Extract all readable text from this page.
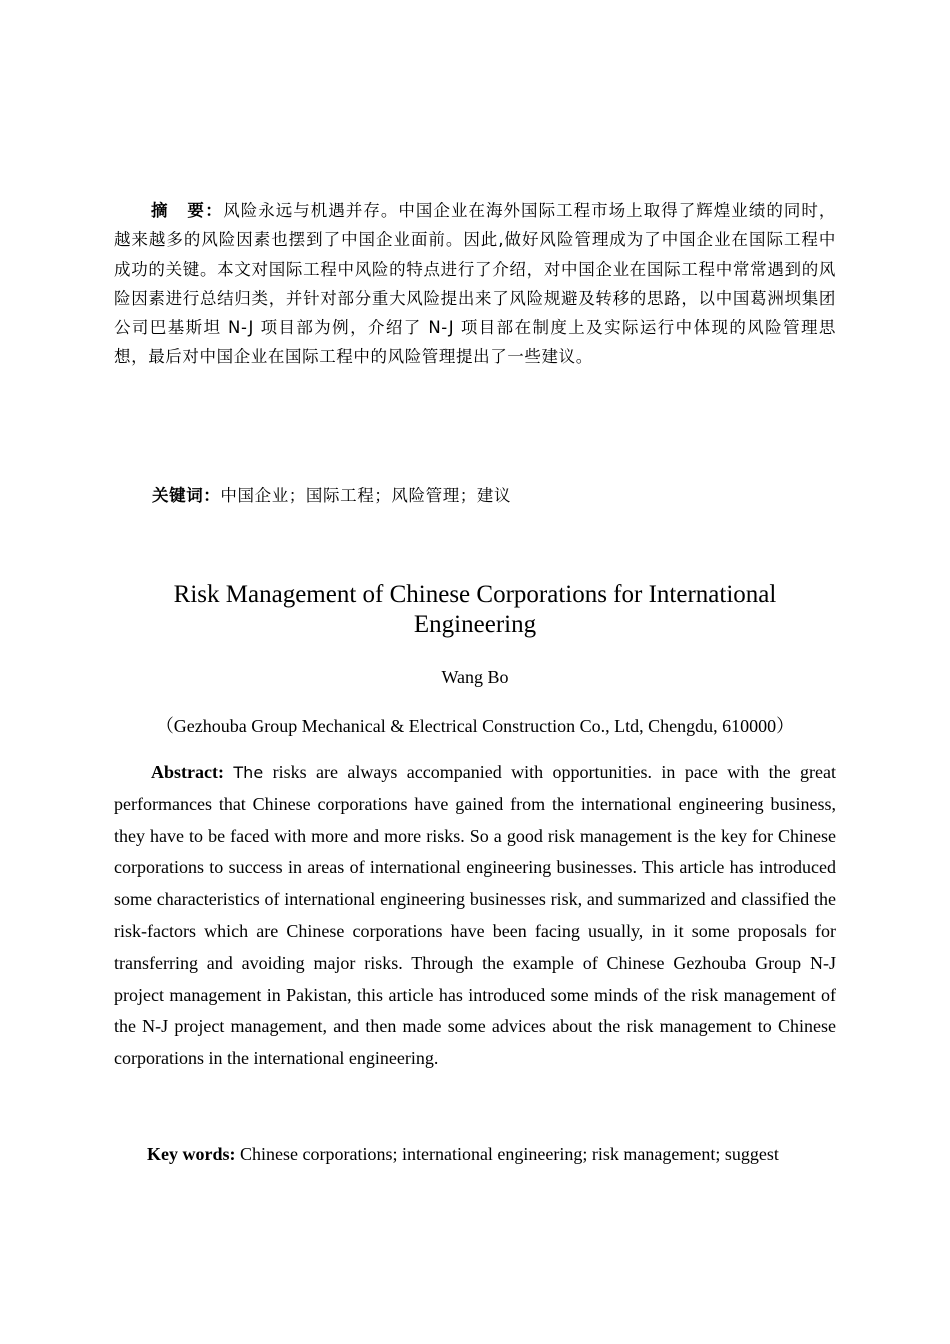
摘 要：风险永远与机遇并存。中国企业在海外国际工程市场上取得了辉煌业绩的同时，越来越多的风险因素也摆到了中国企业面前。因此,做好风险管理成为了中国企业在国际工程中成功的关键。本文对国际工程中风险的特点进行了介绍，对中国企业在国际工程中常常遇到的风险因素进行总结归类，并针对部分重大风险提出来了风险规避及转移的思路，以中国葛洲坝集团公司巴基斯坦 N-J 项目部为例，介绍了 N-J 项目部在制度上及实际运行中体现的风险管理思想，最后对中国企业在国际工程中的风险管理提出了一些建议。

关键词：中国企业；国际工程；风险管理；建议

Risk Management of Chinese Corporations for International Engineering

Wang Bo

（Gezhouba Group Mechanical & Electrical Construction Co., Ltd, Chengdu, 610000）

Abstract: The risks are always accompanied with opportunities. in pace with the great performances that Chinese corporations have gained from the international engineering business, they have to be faced with more and more risks. So a good risk management is the key for Chinese corporations to success in areas of international engineering businesses. This article has introduced some characteristics of international engineering businesses risk, and summarized and classified the risk-factors which are Chinese corporations have been facing usually, in it some proposals for transferring and avoiding major risks. Through the example of Chinese Gezhouba Group N-J project management in Pakistan, this article has introduced some minds of the risk management of the N-J project management, and then made some advices about the risk management to Chinese corporations in the international engineering.

Key words: Chinese corporations; international engineering; risk management; suggest
